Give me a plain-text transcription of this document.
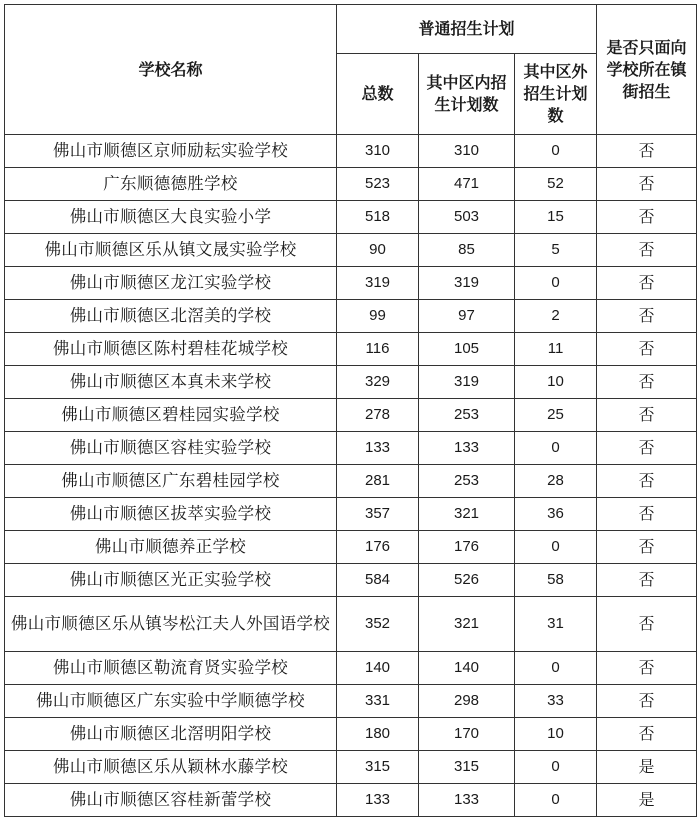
学校名称	普通招生计划			是否只面向学校所在镇街招生
	总数	其中区内招生计划数	其中区外招生计划数	
佛山市顺德区京师励耘实验学校	310	310	0	否
广东顺德德胜学校	523	471	52	否
佛山市顺德区大良实验小学	518	503	15	否
佛山市顺德区乐从镇文晟实验学校	90	85	5	否
佛山市顺德区龙江实验学校	319	319	0	否
佛山市顺德区北滘美的学校	99	97	2	否
佛山市顺德区陈村碧桂花城学校	116	105	11	否
佛山市顺德区本真未来学校	329	319	10	否
佛山市顺德区碧桂园实验学校	278	253	25	否
佛山市顺德区容桂实验学校	133	133	0	否
佛山市顺德区广东碧桂园学校	281	253	28	否
佛山市顺德区拔萃实验学校	357	321	36	否
佛山市顺德养正学校	176	176	0	否
佛山市顺德区光正实验学校	584	526	58	否
佛山市顺德区乐从镇岑松江夫人外国语学校	352	321	31	否
佛山市顺德区勒流育贤实验学校	140	140	0	否
佛山市顺德区广东实验中学顺德学校	331	298	33	否
佛山市顺德区北滘明阳学校	180	170	10	否
佛山市顺德区乐从颖林水藤学校	315	315	0	是
佛山市顺德区容桂新蕾学校	133	133	0	是
